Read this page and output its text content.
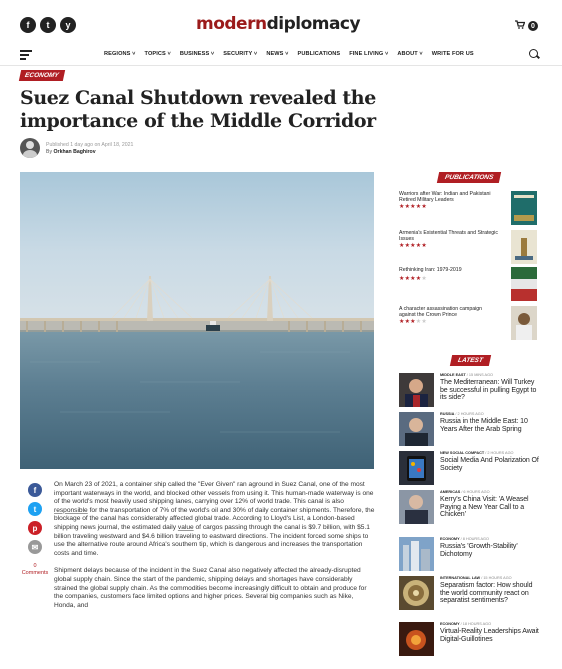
f	t	y	moderndiplomacy	0
REGIONS ˅ TOPICS ˅ BUSINESS ˅ SECURITY ˅ NEWS ˅ PUBLICATIONS FINE LIVING ˅ ABOUT ˅ WRITE FOR US
ECONOMY
Suez Canal Shutdown revealed the importance of the Middle Corridor
Published 1 day ago on April 18, 2021
By Orkhan Baghirov
f
t
p
✉
0
Comments

On March 23 of 2021, a container ship called the "Ever Given" ran aground in Suez Canal, one of the most important waterways in the world, and blocked other vessels from using it. This human-made waterway is one of the world's most heavily used shipping lanes, carrying over 12% of world trade. This canal is also responsible for the transportation of 7% of the world's oil and 30% of daily container shipments. Therefore, the blockage of the canal has considerably affected global trade. According to Lloyd's List, a London-based shipping news journal, the estimated daily value of cargos passing through the canal is $9.7 billion, with $5.1 billion traveling westward and $4.6 billion traveling to eastward directions. The incident forced some ships to use the alternative route around Africa's southern tip, which is dangerous and increases the transportation costs and time.

Shipment delays because of the incident in the Suez Canal also negatively affected the already-disrupted global supply chain. Since the start of the pandemic, shipping delays and shortages have considerably strained the global supply chain. As the commodities become increasingly difficult to obtain and produce for the companies, customers face limited options and higher prices. Several big companies such as Nike, Honda, and

PUBLICATIONS
Warriors after War: Indian and Pakistani Retired Military Leaders
★★★★★
Armenia's Existential Threats and Strategic Issues
★★★★★
Rethinking Iran: 1979-2019
★★★★★
A character assassination campaign against the Crown Prince
★★★★★
LATEST
MIDDLE EAST / 15 MINS AGO
The Mediterranean: Will Turkey be successful in pulling Egypt to its side?
RUSSIA / 2 HOURS AGO
Russia in the Middle East: 10 Years After the Arab Spring
NEW SOCIAL COMPACT / 2 HOURS AGO
Social Media And Polarization Of Society
AMERICAS / 6 HOURS AGO
Kerry's China Visit: 'A Weasel Paying a New Year Call to a Chicken'
ECONOMY / 8 HOURS AGO
Russia's 'Growth-Stability' Dichotomy
INTERNATIONAL LAW / 15 HOURS AGO
Separatism factor: How should the world community react on separatist sentiments?
ECONOMY / 18 HOURS AGO
Virtual-Reality Leaderships Await Digital-Guillotines
